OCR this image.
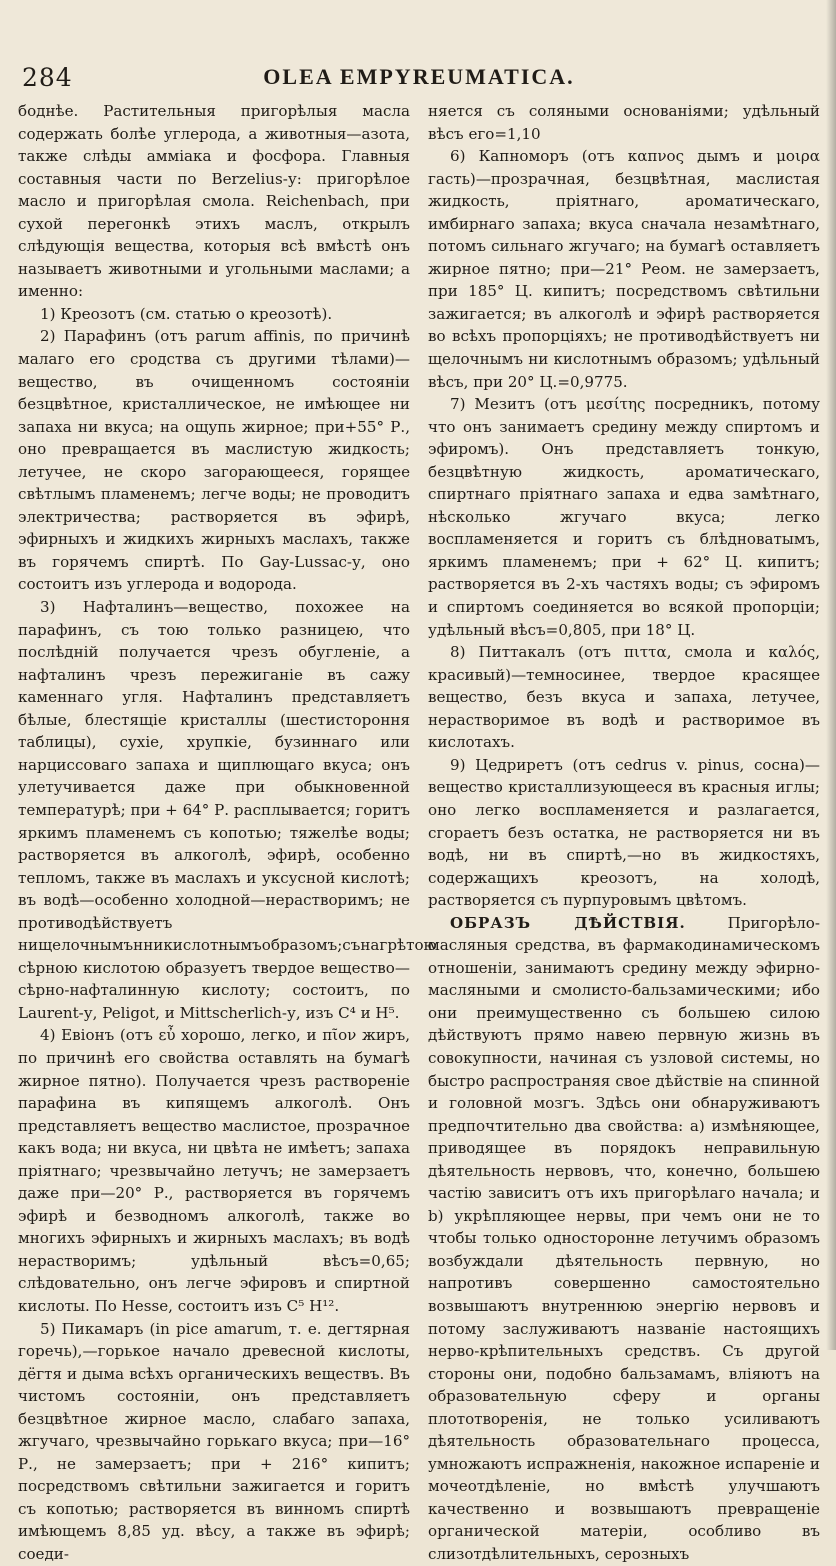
284	OLEA EMPYREUMATICA.

боднѣе. Растительныя пригорѣлыя масла содержать болѣе углерода, а животныя—азота, также слѣды амміака и фосфора. Главныя составныя части по Berzelius-у: пригорѣлое масло и пригорѣлая смола. Reichenbach, при сухой перегонкѣ этихъ маслъ, открылъ слѣдующія вещества, которыя всѣ вмѣстѣ онъ называетъ животными и угольными маслами; а именно:

1) Креозотъ (см. статью о креозотѣ).

2) Парафинъ (отъ parum affinis, по причинѣ малаго его сродства съ другими тѣлами)—вещество, въ очищенномъ состояніи безцвѣтное, кристаллическое, не имѣющее ни запаха ни вкуса; на ощупь жирное; при+55° Р., оно превращается въ маслистую жидкость; летучее, не скоро загорающееся, горящее свѣтлымъ пламенемъ; легче воды; не проводитъ электричества; растворяется въ эфирѣ, эфирныхъ и жидкихъ жирныхъ маслахъ, также въ горячемъ спиртѣ. По Gay-Lussac-у, оно состоитъ изъ углерода и водорода.

3) Нафталинъ—вещество, похожее на парафинъ, съ тою только разницею, что послѣдній получается чрезъ обугленіе, а нафталинъ чрезъ пережиганіе въ сажу каменнаго угля. Нафталинъ представляетъ бѣлые, блестящіе кристаллы (шестистороння таблицы), сухіе, хрупкіе, бузиннаго или нарциссоваго запаха и щиплющаго вкуса; онъ улетучивается даже при обыкновенной температурѣ; при + 64° Р. расплывается; горитъ яркимъ пламенемъ съ копотью; тяжелѣе воды; растворяется въ алкоголѣ, эфирѣ, особенно тепломъ, также въ маслахъ и уксусной кислотѣ; въ водѣ—особенно холодной—нерастворимъ; не противодѣйствуетъ нищелочнымънникислотнымъобразомъ;сънагрѣтою сѣрною кислотою образуетъ твердое вещество—сѣрно-нафталинную кислоту; состоитъ, по Laurent-у, Peligot, и Mittscherlich-у, изъ C⁴ и H⁵.

4) Евіонъ (отъ εὖ хорошо, легко, и πῖον жиръ, по причинѣ его свойства оставлять на бумагѣ жирное пятно). Получается чрезъ раствореніе парафина въ кипящемъ алкоголѣ. Онъ представляетъ вещество маслистое, прозрачное какъ вода; ни вкуса, ни цвѣта не имѣетъ; запаха пріятнаго; чрезвычайно летучъ; не замерзаетъ даже при—20° Р., растворяется въ горячемъ эфирѣ и безводномъ алкоголѣ, также во многихъ эфирныхъ и жирныхъ маслахъ; въ водѣ нерастворимъ; удѣльный вѣсъ=0,65; слѣдовательно, онъ легче эфировъ и спиртной кислоты. По Hesse, состоитъ изъ C⁵ H¹².

5) Пикамаръ (in pice amarum, т. е. дегтярная горечь),—горькое начало древесной кислоты, дёгтя и дыма всѣхъ органическихъ веществъ. Въ чистомъ состояніи, онъ представляетъ безцвѣтное жирное масло, слабаго запаха, жгучаго, чрезвычайно горькаго вкуса; при—16° Р., не замерзаетъ; при + 216° кипитъ; посредствомъ свѣтильни зажигается и горитъ съ копотью; растворяется въ винномъ спиртѣ имѣющемъ 8,85 уд. вѣсу, а также въ эфирѣ; соеди-

няется съ соляными основаніями; удѣльный вѣсъ его=1,10

6) Капноморъ (отъ καπνος дымъ и μοιρα гасть)—прозрачная, безцвѣтная, маслистая жидкость, пріятнаго, ароматическаго, имбирнаго запаха; вкуса сначала незамѣтнаго, потомъ сильнаго жгучаго; на бумагѣ оставляетъ жирное пятно; при—21° Реом. не замерзаетъ, при 185° Ц. кипитъ; посредствомъ свѣтильни зажигается; въ алкоголѣ и эфирѣ растворяется во всѣхъ пропорціяхъ; не противодѣйствуетъ ни щелочнымъ ни кислотнымъ образомъ; удѣльный вѣсъ, при 20° Ц.=0,9775.

7) Мезитъ (отъ μεσίτης посредникъ, потому что онъ занимаетъ средину между спиртомъ и эфиромъ). Онъ представляетъ тонкую, безцвѣтную жидкость, ароматическаго, спиртнаго пріятнаго запаха и едва замѣтнаго, нѣсколько жгучаго вкуса; легко воспламеняется и горитъ съ блѣдноватымъ, яркимъ пламенемъ; при + 62° Ц. кипитъ; растворяется въ 2-хъ частяхъ воды; съ эфиромъ и спиртомъ соединяется во всякой пропорціи; удѣльный вѣсъ=0,805, при 18° Ц.

8) Питтакалъ (отъ πιττα, смола и καλός, красивый)—темносинее, твердое красящее вещество, безъ вкуса и запаха, летучее, нерастворимое въ водѣ и растворимое въ кислотахъ.

9) Цедриретъ (отъ cedrus v. pinus, сосна)—вещество кристаллизующееся въ красныя иглы; оно легко воспламеняется и разлагается, сгораетъ безъ остатка, не растворяется ни въ водѣ, ни въ спиртѣ,—но въ жидкостяхъ, содержащихъ креозотъ, на холодѣ, растворяется съ пурпуровымъ цвѣтомъ.

ОБРАЗЪ ДѢЙСТВІЯ.	Пригорѣло-масляныя средства, въ фармакодинамическомъ отношеніи, занимаютъ средину между эфирно-масляными и смолисто-бальзамическими; ибо они преимущественно съ большею силою дѣйствуютъ прямо навею первную жизнь въ совокупности, начиная съ узловой системы, но быстро распространяя свое дѣйствіе на спинной и головной мозгъ. Здѣсь они обнаруживаютъ предпочтительно два свойства: a) измѣняющее, приводящее въ порядокъ неправильную дѣятельность нервовъ, что, конечно, большею частію зависитъ отъ ихъ пригорѣлаго начала; и b) укрѣпляющее нервы, при чемъ они не то чтобы только односторонне летучимъ образомъ возбуждали дѣятельность первную, но напротивъ совершенно самостоятельно возвышаютъ внутреннюю энергію нервовъ и потому заслуживаютъ названіе настоящихъ нерво-крѣпительныхъ средствъ. Съ другой стороны они, подобно бальзамамъ, вліяютъ на образовательную сферу и органы плототворенія, не только усиливаютъ дѣятельность образовательнаго процесса, умножаютъ испражненія, накожное испареніе и мочеотдѣленіе, но вмѣстѣ улучшаютъ качественно и возвышаютъ превращеніе органической матеріи, особливо въ слизотдѣлительныхъ, серозныхъ
